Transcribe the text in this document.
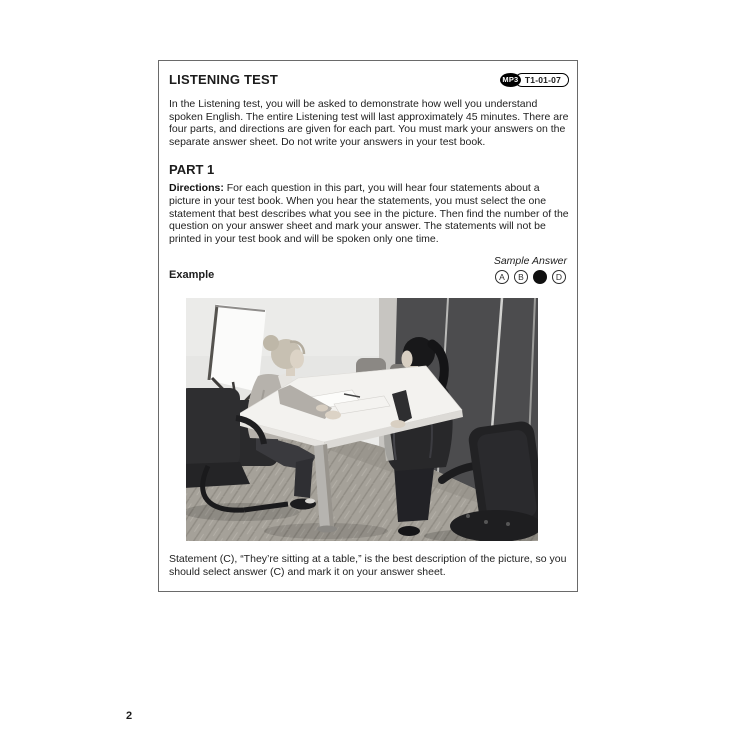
LISTENING TEST	MP3 T1-01-07

In the Listening test, you will be asked to demonstrate how well you understand spoken English. The entire Listening test will last approximately 45 minutes. There are four parts, and directions are given for each part. You must mark your answers on the separate answer sheet. Do not write your answers in your test book.

PART 1

Directions: For each question in this part, you will hear four statements about a picture in your test book. When you hear the statements, you must select the one statement that best describes what you see in the picture. Then find the number of the question on your answer sheet and mark your answer. The statements will not be printed in your test book and will be spoken only one time.

Example
Sample Answer
A	B	D

Statement (C), “They’re sitting at a table,” is the best description of the picture, so you should select answer (C) and mark it on your answer sheet.

2
